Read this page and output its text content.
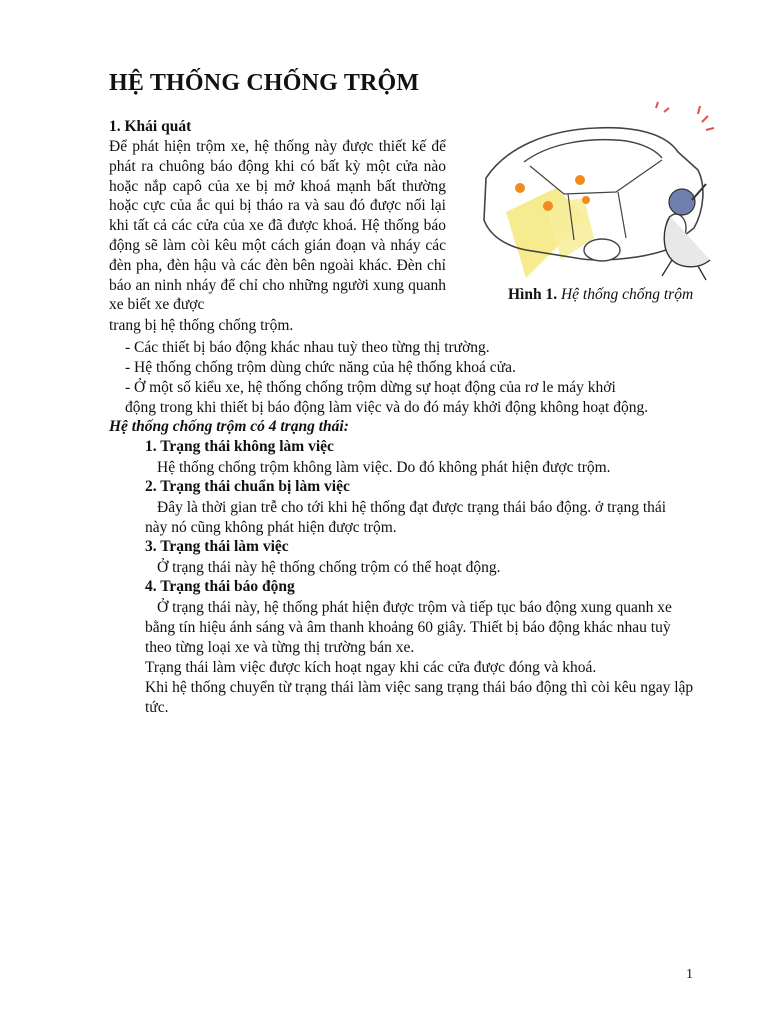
HỆ THỐNG CHỐNG TRỘM
1. Khái quát
Để phát hiện trộm xe, hệ thống này được thiết kế để phát ra chuông báo động khi có bất kỳ một cửa nào hoặc nắp capô của xe bị mở khoá mạnh bất thường hoặc cực của ắc qui bị tháo ra và sau đó được nối lại khi tất cả các cửa của xe đã được khoá. Hệ thống báo động sẽ làm còi kêu một cách gián đoạn và nháy các đèn pha, đèn hậu và các đèn bên ngoài khác. Đèn chỉ báo an ninh nháy để chỉ cho những người xung quanh xe biết xe được
trang bị hệ thống chống trộm.
- Các thiết bị báo động khác nhau tuỳ theo từng thị trường.
- Hệ thống chống trộm dùng chức năng của hệ thống khoá cửa.
- Ở một số kiểu xe, hệ thống chống trộm dừng sự hoạt động của rơ le máy khởi
động trong khi thiết bị báo động làm việc và do đó máy khởi động không hoạt động.
Hình 1. Hệ thống chống trộm
Hệ thống chống trộm có 4 trạng thái:
1. Trạng thái không làm việc
Hệ thống chống trộm không làm việc. Do đó không phát hiện được trộm.
2. Trạng thái chuẩn bị làm việc
Đây là thời gian trễ cho tới khi hệ thống đạt được trạng thái báo động. ở trạng thái này nó cũng không phát hiện được trộm.
3. Trạng thái làm việc
Ở trạng thái này hệ thống chống trộm có thể hoạt động.
4. Trạng thái báo động
Ở trạng thái này, hệ thống phát hiện được trộm và tiếp tục báo động xung quanh xe bằng tín hiệu ánh sáng và âm thanh khoảng 60 giây. Thiết bị báo động khác nhau tuỳ theo từng loại xe và từng thị trường bán xe.
Trạng thái làm việc được kích hoạt ngay khi các cửa được đóng và khoá.
Khi hệ thống chuyển từ trạng thái làm việc sang trạng thái báo động thì còi kêu ngay lập tức.
1
